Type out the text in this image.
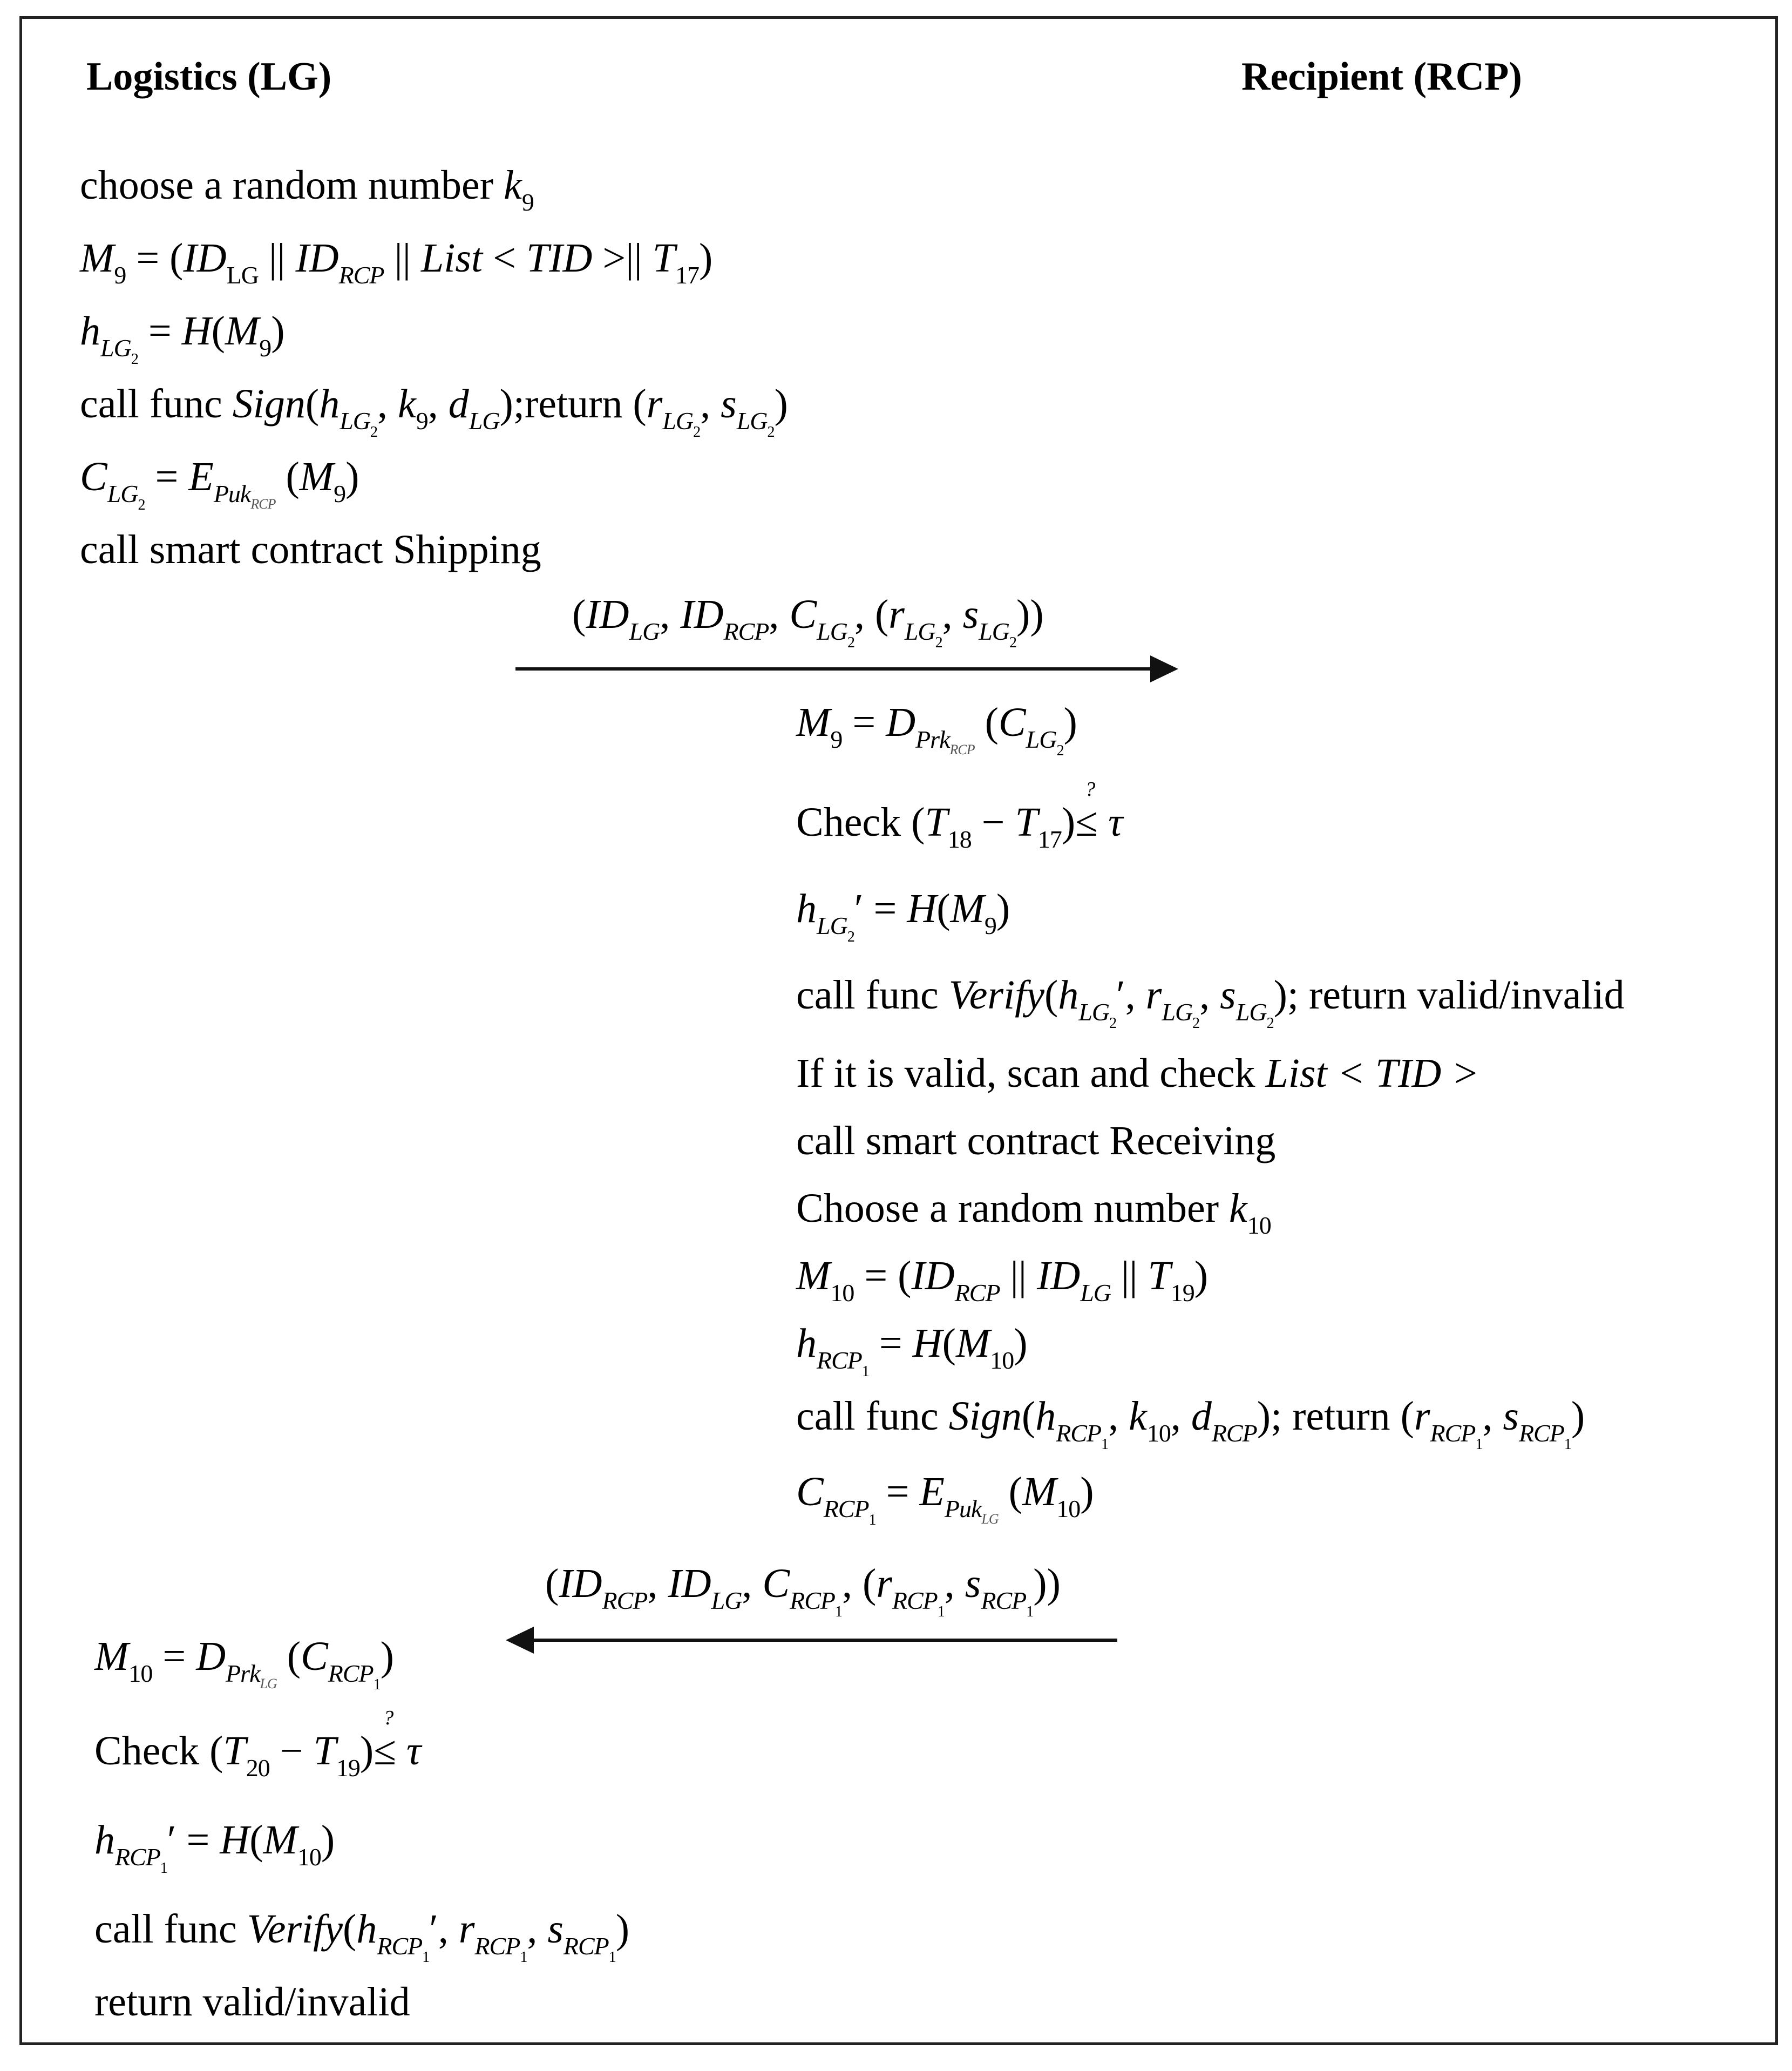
Logistics (LG)	Recipient (RCP)
choose a random number $k_9$
$M_9 = (ID_{LG}$ || $ID_{RCP}$ || List < TID >|| $T_{17}$)
$h_{LG_2} = H(M_9)$
call func $Sign(h_{LG_2}$, $k_9$, $d_{LG});return$ ($r_{LG_2}$, $s_{LG_2}$)
$C_{LG_2} = E_{Puk_{RCP}}$ $(M_9)$
call smart contract Shipping
($ID_{LG}$, $ID_{RCP}$, $C_{LG_2}$, ($r_{LG_2}$, $s_{LG_2}$))
$M_9 = D_{Prk_{RCP}}$ $(C_{LG_2})$
Check $(T_{18} - T_{17})$
?
≤ τ
$h_{LG_2}' = H(M_9)$
call func $Verify(h_{LG_2}'$, $r_{LG_2}$, $s_{LG_2}$); return valid/invalid
If it is valid, scan and check List < TID >
call smart contract Receiving
Choose a random number $k_{10}$
$M_{10} = (ID_{RCP}$ || $ID_{LG}$ || $T_{19}$)
$h_{RCP_1} = H(M_{10})$
call func $Sign(h_{RCP_1}$, $k_{10}$, $d_{RCP}$); return ($r_{RCP_1}$, $s_{RCP_1}$)
$C_{RCP_1} = E_{Puk_{LG}}$ $(M_{10})$
($ID_{RCP}$, $ID_{LG}$, $C_{RCP_1}$, ($r_{RCP_1}$, $s_{RCP_1}$))
$M_{10} = D_{Prk_{LG}}$ $(C_{RCP_1})$
Check $(T_{20} - T_{19})$
?
≤ τ
$h_{RCP_1}' = H(M_{10})$
call func $Verify(h_{RCP_1}'$, $r_{RCP_1}$, $s_{RCP_1}$)
return valid/invalid
